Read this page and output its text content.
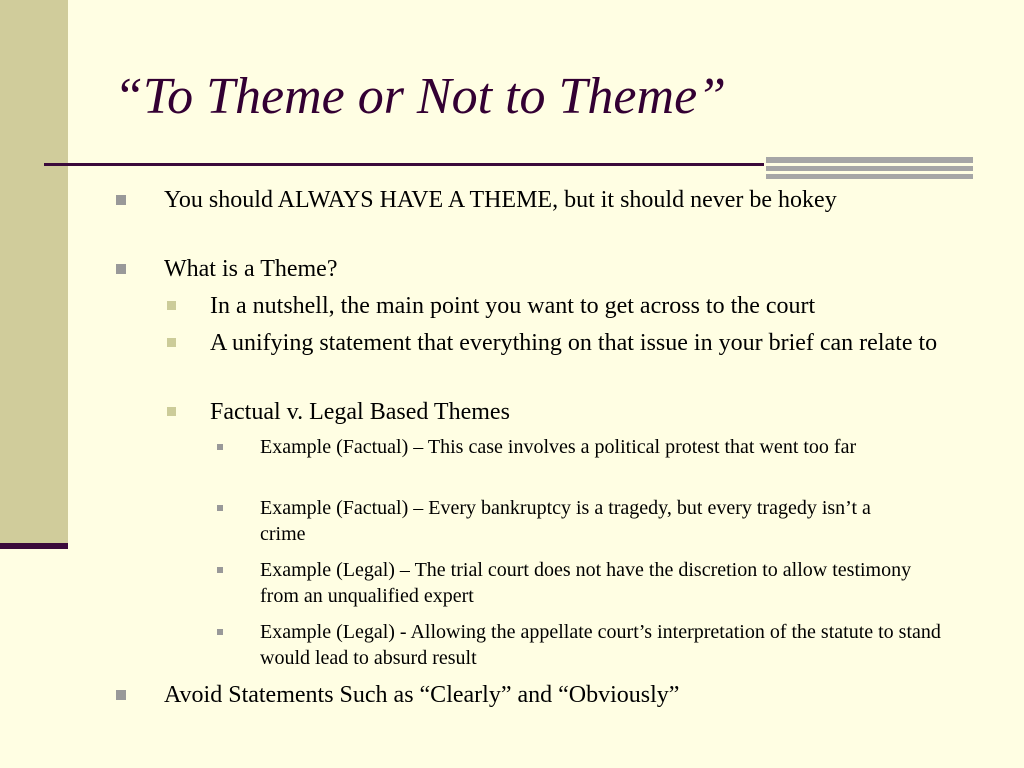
“To Theme or Not to Theme”
You should ALWAYS HAVE A THEME, but it should never be hokey
What is a Theme?
In a nutshell, the main point you want to get across to the court
A unifying statement that everything on that issue in your brief can relate to
Factual v. Legal Based Themes
Example (Factual) – This case involves a political protest that went too far
Example (Factual) – Every bankruptcy is a tragedy, but every tragedy isn’t a crime
Example (Legal) – The trial court does not have the discretion to allow testimony from an unqualified expert
Example (Legal) - Allowing the appellate court’s interpretation of the statute to stand would lead to absurd result
Avoid Statements Such as “Clearly” and “Obviously”
